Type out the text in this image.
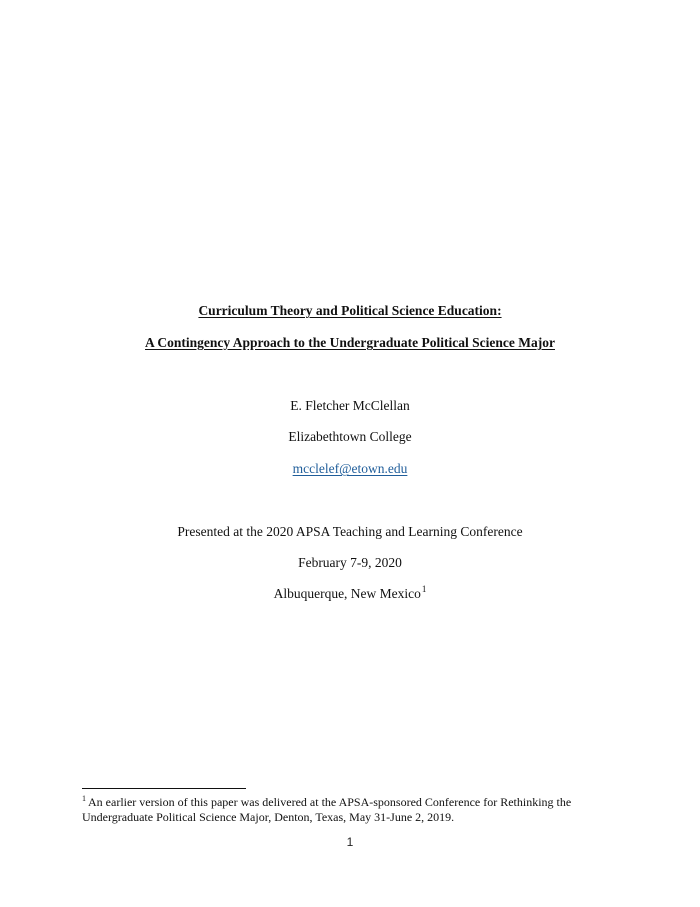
Curriculum Theory and Political Science Education:
A Contingency Approach to the Undergraduate Political Science Major
E. Fletcher McClellan
Elizabethtown College
mcclelef@etown.edu
Presented at the 2020 APSA Teaching and Learning Conference
February 7-9, 2020
Albuquerque, New Mexico$^1$
$^1$ An earlier version of this paper was delivered at the APSA-sponsored Conference for Rethinking the
Undergraduate Political Science Major, Denton, Texas, May 31-June 2, 2019.
1
